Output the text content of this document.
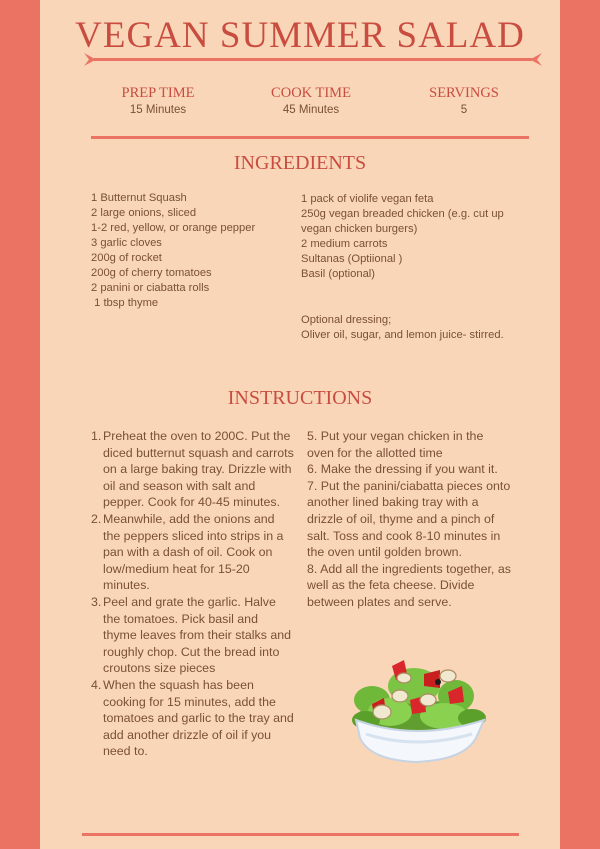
VEGAN SUMMER SALAD
PREP TIME
15 Minutes
COOK TIME
45 Minutes
SERVINGS
5
INGREDIENTS
1 Butternut Squash
2 large onions, sliced
1-2 red, yellow, or orange pepper
3 garlic cloves
200g of rocket
200g of cherry tomatoes
2 panini or ciabatta rolls
1 tbsp thyme
1 pack of violife vegan feta
250g vegan breaded chicken (e.g. cut up vegan chicken burgers)
2 medium carrots
Sultanas (Optiional )
Basil (optional)
Optional dressing;
Oliver oil, sugar, and lemon juice- stirred.
INSTRUCTIONS
1. Preheat the oven to 200C. Put the diced butternut squash and carrots on a large baking tray. Drizzle with oil and season with salt and pepper. Cook for 40-45 minutes.
2. Meanwhile, add the onions and the peppers sliced into strips in a pan with a dash of oil. Cook on low/medium heat for 15-20 minutes.
3. Peel and grate the garlic. Halve the tomatoes. Pick basil and thyme leaves from their stalks and roughly chop. Cut the bread into croutons size pieces
4. When the squash has been cooking for 15 minutes, add the tomatoes and garlic to the tray and add another drizzle of oil if you need to.
5. Put your vegan chicken in the oven for the allotted time
6. Make the dressing if you want it.
7. Put the panini/ciabatta pieces onto another lined baking tray with a drizzle of oil, thyme and a pinch of salt. Toss and cook 8-10 minutes in the oven until golden brown.
8. Add all the ingredients together, as well as the feta cheese. Divide between plates and serve.
